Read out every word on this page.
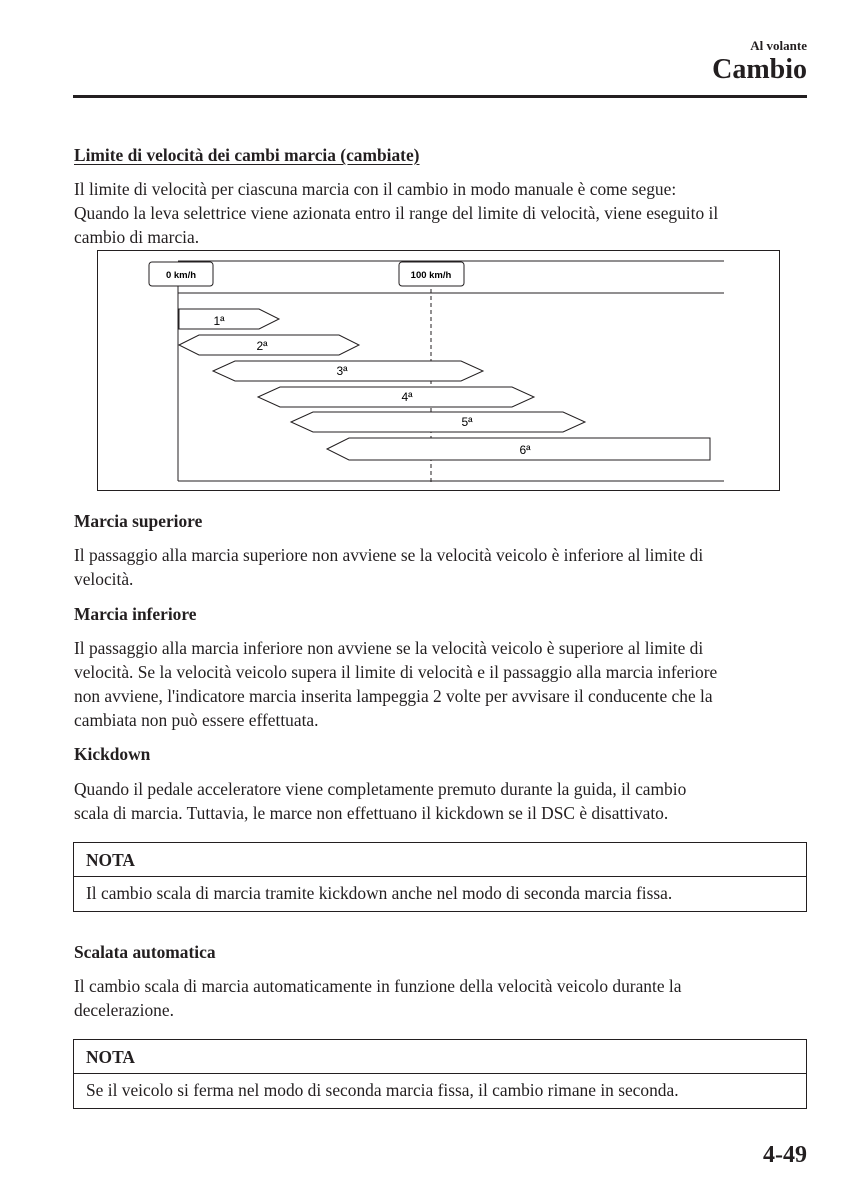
Al volante
Cambio
Limite di velocità dei cambi marcia (cambiate)
Il limite di velocità per ciascuna marcia con il cambio in modo manuale è come segue:
Quando la leva selettrice viene azionata entro il range del limite di velocità, viene eseguito il
cambio di marcia.
0 km/h	100 km/h
1ª
2ª
3ª
4ª
5ª
6ª
Marcia superiore
Il passaggio alla marcia superiore non avviene se la velocità veicolo è inferiore al limite di
velocità.
Marcia inferiore
Il passaggio alla marcia inferiore non avviene se la velocità veicolo è superiore al limite di
velocità. Se la velocità veicolo supera il limite di velocità e il passaggio alla marcia inferiore
non avviene, l'indicatore marcia inserita lampeggia 2 volte per avvisare il conducente che la
cambiata non può essere effettuata.
Kickdown
Quando il pedale acceleratore viene completamente premuto durante la guida, il cambio
scala di marcia. Tuttavia, le marce non effettuano il kickdown se il DSC è disattivato.
NOTA
Il cambio scala di marcia tramite kickdown anche nel modo di seconda marcia fissa.
Scalata automatica
Il cambio scala di marcia automaticamente in funzione della velocità veicolo durante la
decelerazione.
NOTA
Se il veicolo si ferma nel modo di seconda marcia fissa, il cambio rimane in seconda.
4-49
